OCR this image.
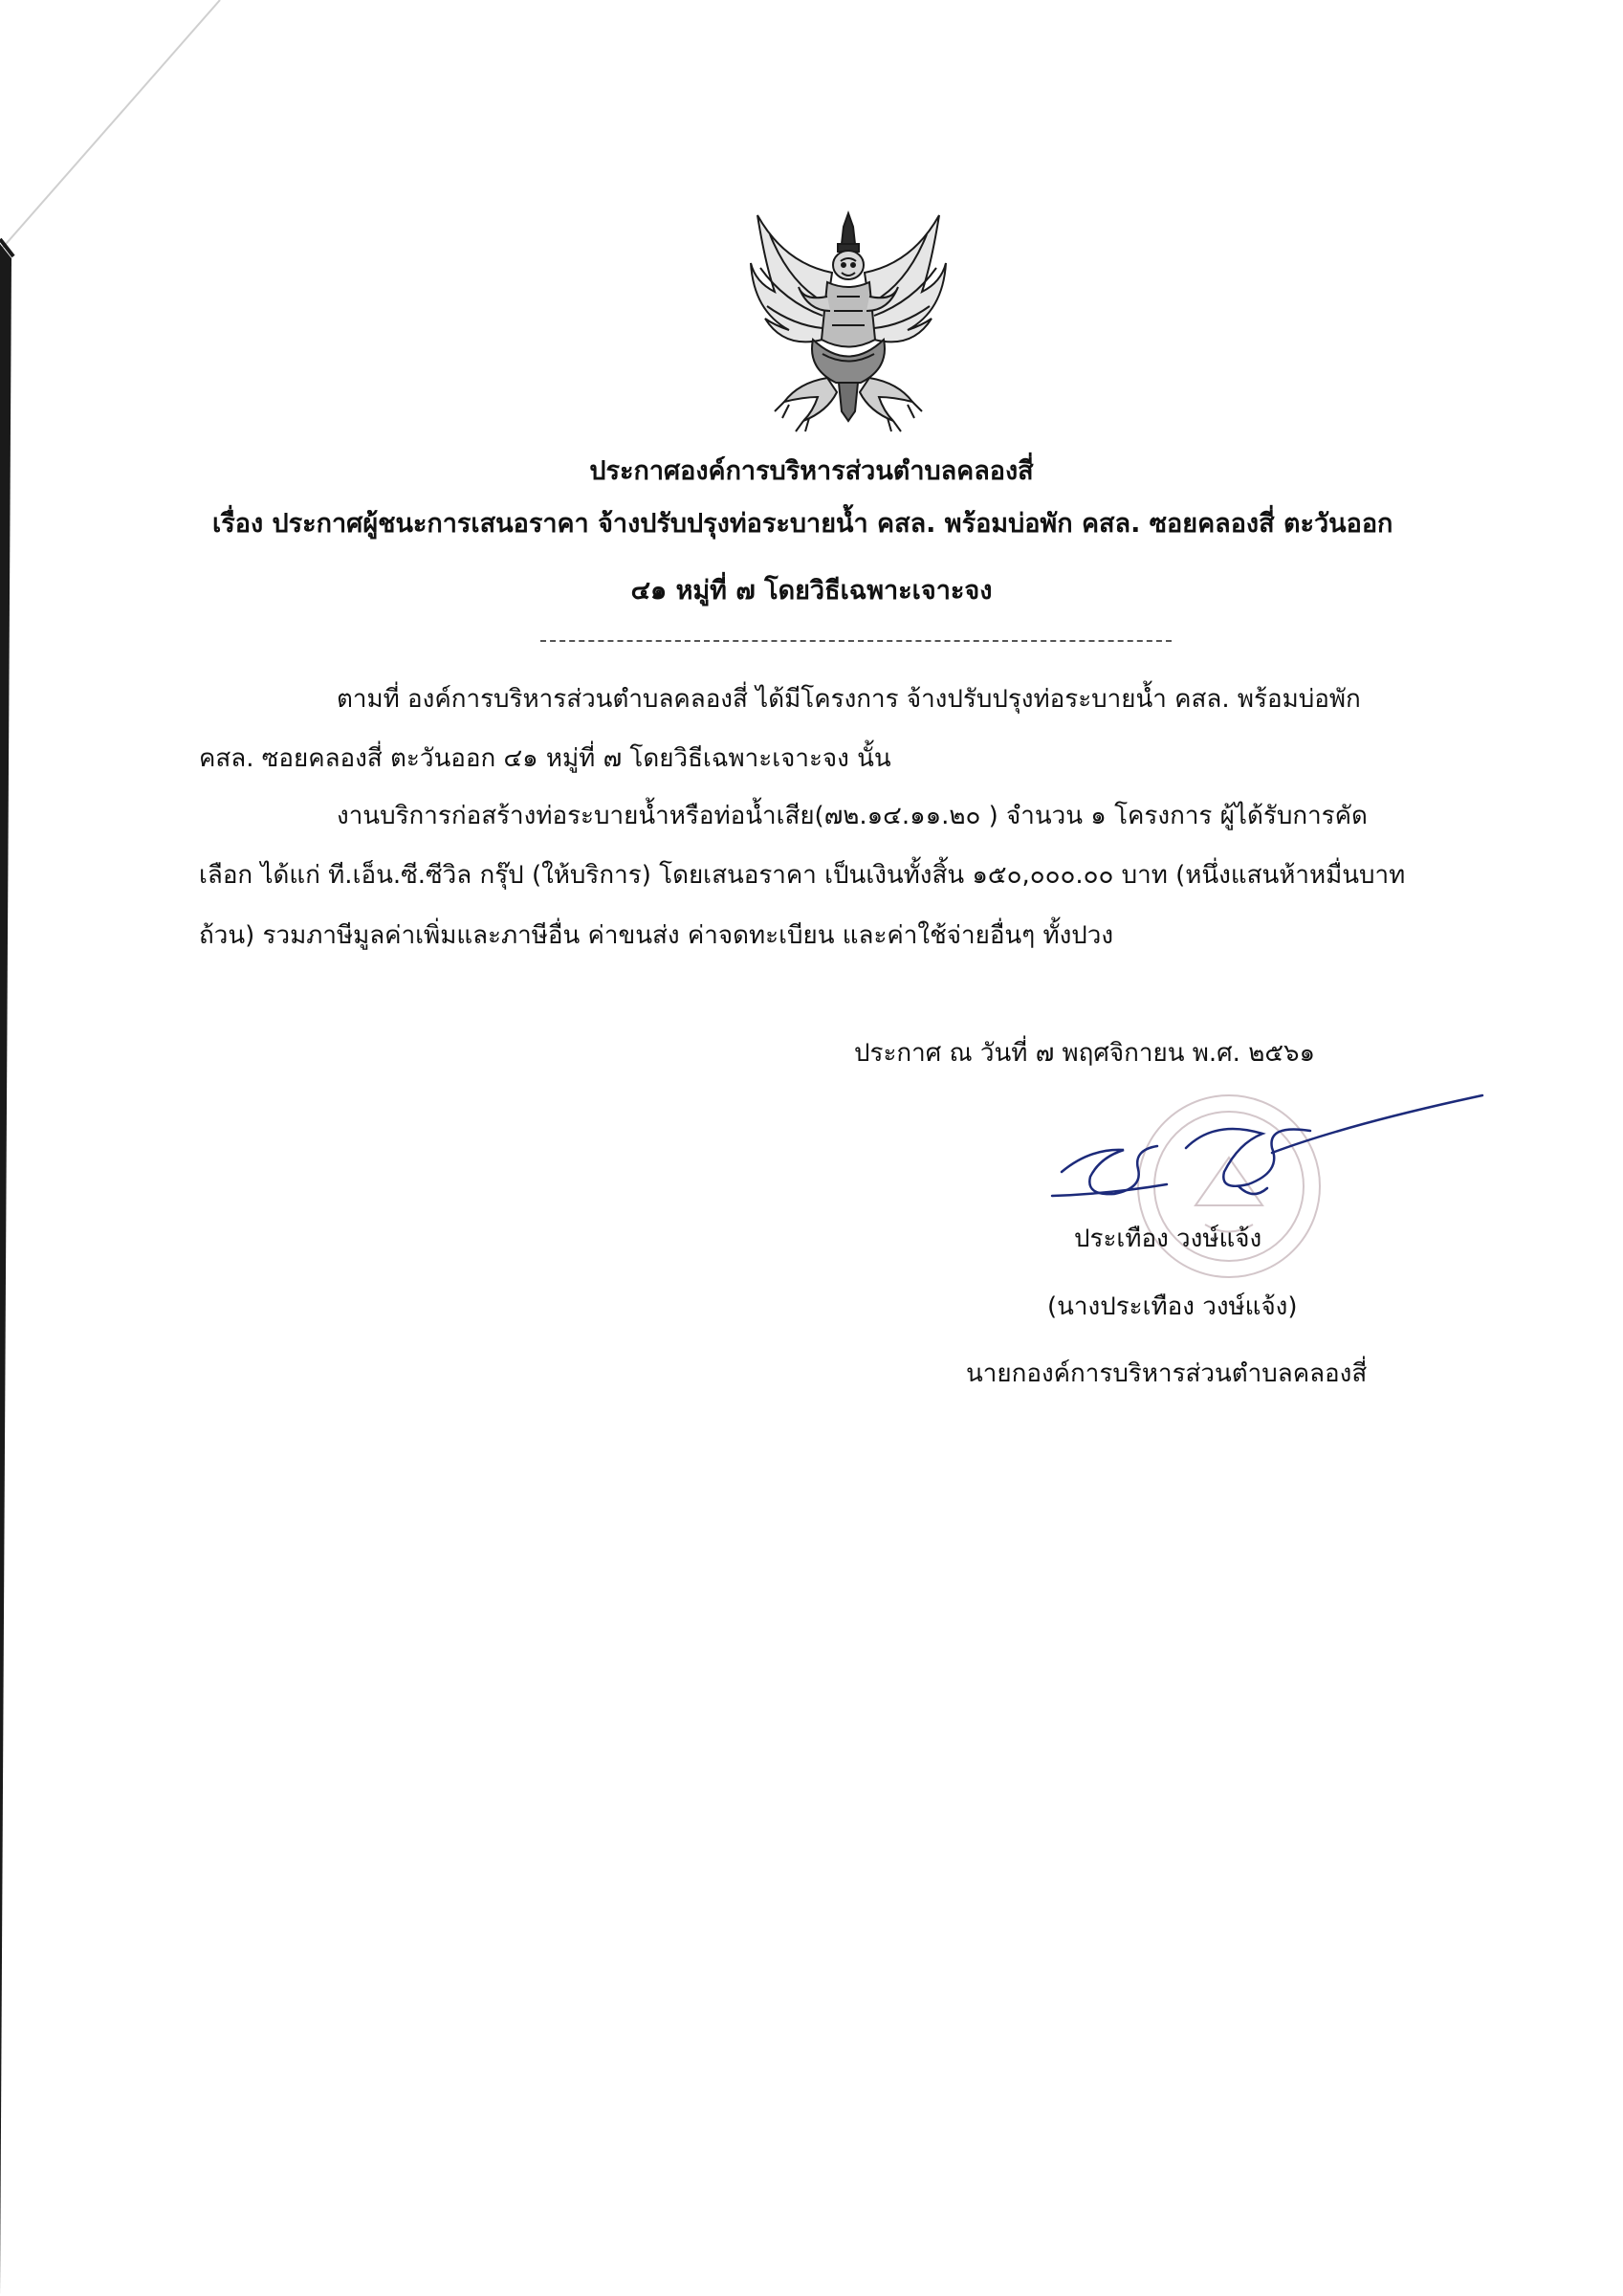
ประกาศองค์การบริหารส่วนตำบลคลองสี่
เรื่อง ประกาศผู้ชนะการเสนอราคา จ้างปรับปรุงท่อระบายน้ำ คสล. พร้อมบ่อพัก คสล. ซอยคลองสี่ ตะวันออก
๔๑ หมู่ที่ ๗ โดยวิธีเฉพาะเจาะจง
ตามที่ องค์การบริหารส่วนตำบลคลองสี่ ได้มีโครงการ จ้างปรับปรุงท่อระบายน้ำ คสล. พร้อมบ่อพัก
คสล. ซอยคลองสี่ ตะวันออก ๔๑ หมู่ที่ ๗ โดยวิธีเฉพาะเจาะจง นั้น
งานบริการก่อสร้างท่อระบายน้ำหรือท่อน้ำเสีย(๗๒.๑๔.๑๑.๒๐ ) จำนวน ๑ โครงการ ผู้ได้รับการคัด
เลือก ได้แก่ ที.เอ็น.ซี.ซีวิล กรุ๊ป (ให้บริการ) โดยเสนอราคา เป็นเงินทั้งสิ้น ๑๕๐,๐๐๐.๐๐ บาท (หนึ่งแสนห้าหมื่นบาท
ถ้วน) รวมภาษีมูลค่าเพิ่มและภาษีอื่น ค่าขนส่ง ค่าจดทะเบียน และค่าใช้จ่ายอื่นๆ ทั้งปวง
ประกาศ ณ วันที่ ๗ พฤศจิกายน พ.ศ. ๒๕๖๑
ประเทือง วงษ์แจ้ง
(นางประเทือง วงษ์แจ้ง)
นายกองค์การบริหารส่วนตำบลคลองสี่
